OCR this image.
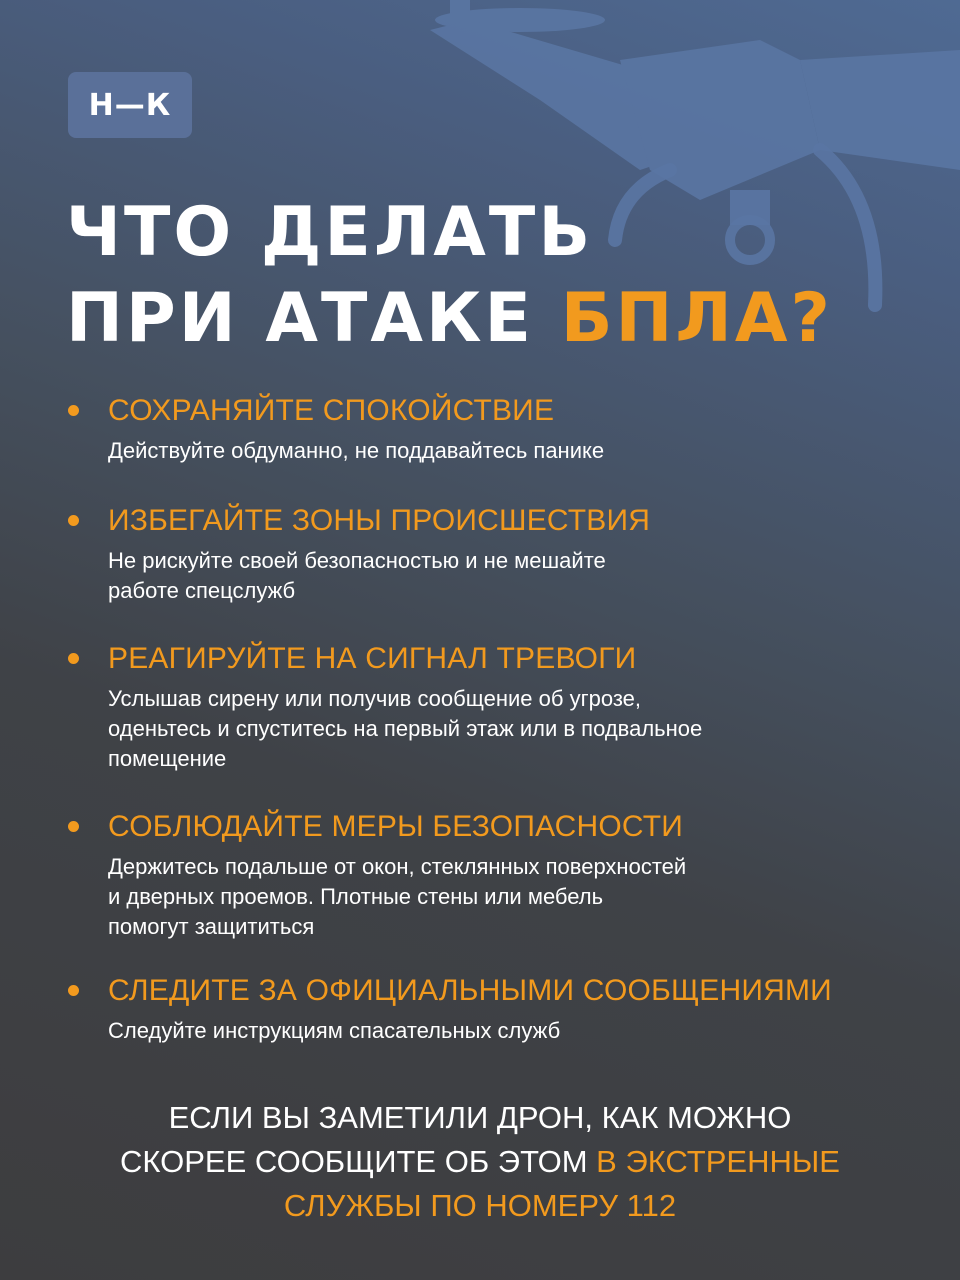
Н—К
ЧТО ДЕЛАТЬ
ПРИ АТАКЕ БПЛА?
СОХРАНЯЙТЕ СПОКОЙСТВИЕ
Действуйте обдуманно, не поддавайтесь панике
ИЗБЕГАЙТЕ ЗОНЫ ПРОИСШЕСТВИЯ
Не рискуйте своей безопасностью и не мешайте
работе спецслужб
РЕАГИРУЙТЕ НА СИГНАЛ ТРЕВОГИ
Услышав сирену или получив сообщение об угрозе,
оденьтесь и спуститесь на первый этаж или в подвальное
помещение
СОБЛЮДАЙТЕ МЕРЫ БЕЗОПАСНОСТИ
Держитесь подальше от окон, стеклянных поверхностей
и дверных проемов. Плотные стены или мебель
помогут защититься
СЛЕДИТЕ ЗА ОФИЦИАЛЬНЫМИ СООБЩЕНИЯМИ
Следуйте инструкциям спасательных служб

ЕСЛИ ВЫ ЗАМЕТИЛИ ДРОН, КАК МОЖНО
СКОРЕЕ СООБЩИТЕ ОБ ЭТОМ В ЭКСТРЕННЫЕ
СЛУЖБЫ ПО НОМЕРУ 112
